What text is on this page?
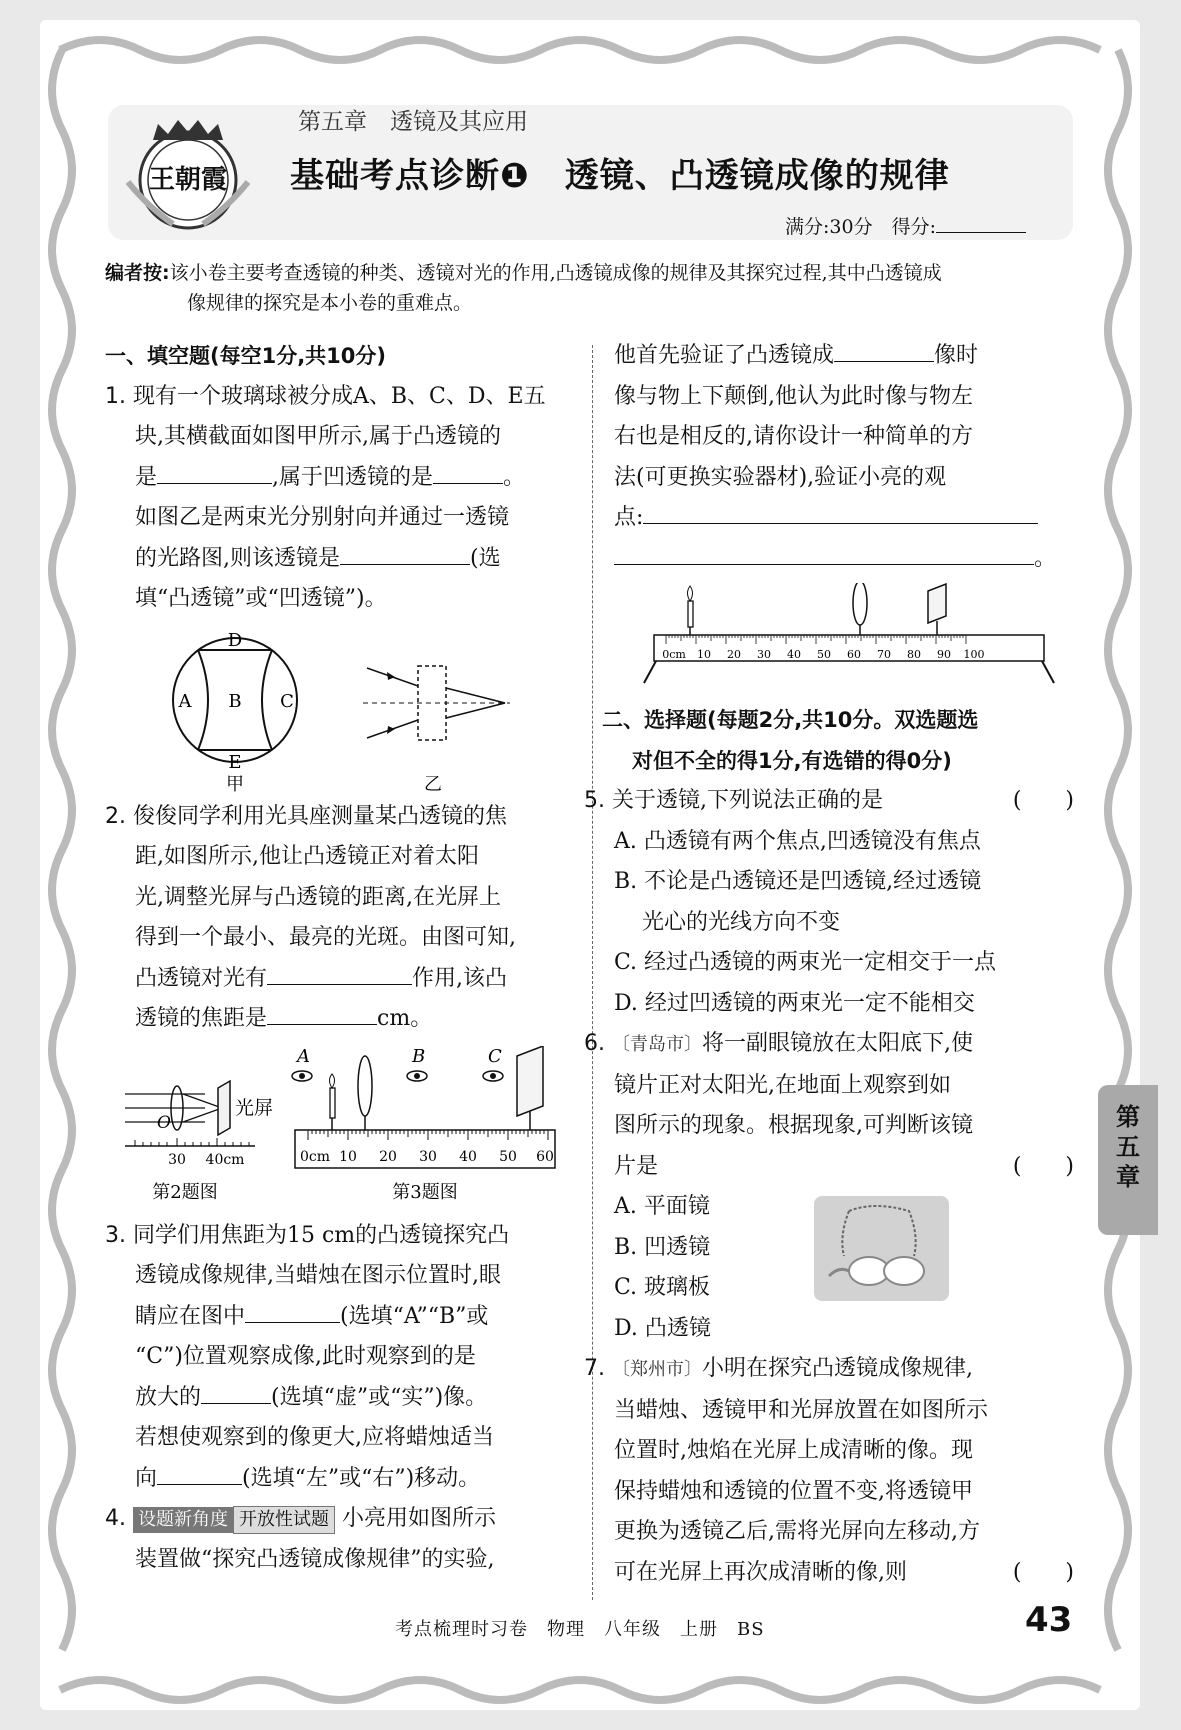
王朝霞
第五章　透镜及其应用
基础考点诊断❶　透镜、凸透镜成像的规律
满分:30分　得分:
编者按:该小卷主要考查透镜的种类、透镜对光的作用,凸透镜成像的规律及其探究过程,其中凸透镜成
像规律的探究是本小卷的重难点。
一、填空题(每空1分,共10分)
1. 现有一个玻璃球被分成A、B、C、D、E五
块,其横截面如图甲所示,属于凸透镜的
是	,属于凹透镜的是	。
如图乙是两束光分别射向并通过一透镜
的光路图,则该透镜是	(选
填“凸透镜”或“凹透镜”)。
D
A B C
E
甲	乙
2. 俊俊同学利用光具座测量某凸透镜的焦
距,如图所示,他让凸透镜正对着太阳
光,调整光屏与凸透镜的距离,在光屏上
得到一个最小、最亮的光斑。由图可知,
凸透镜对光有	作用,该凸
透镜的焦距是	cm。
O
光屏
30 40cm
第2题图
A	B	C
0cm 10 20 30 40 50 60
第3题图
3. 同学们用焦距为15 cm的凸透镜探究凸
透镜成像规律,当蜡烛在图示位置时,眼
睛应在图中	(选填“A”“B”或
“C”)位置观察成像,此时观察到的是
放大的	(选填“虚”或“实”)像。
若想使观察到的像更大,应将蜡烛适当
向	(选填“左”或“右”)移动。
4. 设题新角度 开放性试题 小亮用如图所示
装置做“探究凸透镜成像规律”的实验,
他首先验证了凸透镜成	像时
像与物上下颠倒,他认为此时像与物左
右也是相反的,请你设计一种简单的方
法(可更换实验器材),验证小亮的观
点:
。
0cm 10 20 30 40 50 60 70 80 90 100
二、选择题(每题2分,共10分。双选题选
对但不全的得1分,有选错的得0分)
5. 关于透镜,下列说法正确的是	(　　)
A. 凸透镜有两个焦点,凹透镜没有焦点
B. 不论是凸透镜还是凹透镜,经过透镜
光心的光线方向不变
C. 经过凸透镜的两束光一定相交于一点
D. 经过凹透镜的两束光一定不能相交
6. 〔青岛市〕将一副眼镜放在太阳底下,使
镜片正对太阳光,在地面上观察到如
图所示的现象。根据现象,可判断该镜
片是	(　　)
A. 平面镜
B. 凹透镜
C. 玻璃板
D. 凸透镜
7. 〔郑州市〕小明在探究凸透镜成像规律,
当蜡烛、透镜甲和光屏放置在如图所示
位置时,烛焰在光屏上成清晰的像。现
保持蜡烛和透镜的位置不变,将透镜甲
更换为透镜乙后,需将光屏向左移动,方
可在光屏上再次成清晰的像,则	(　　)
第五章
考点梳理时习卷　物理　八年级　上册　BS	43
